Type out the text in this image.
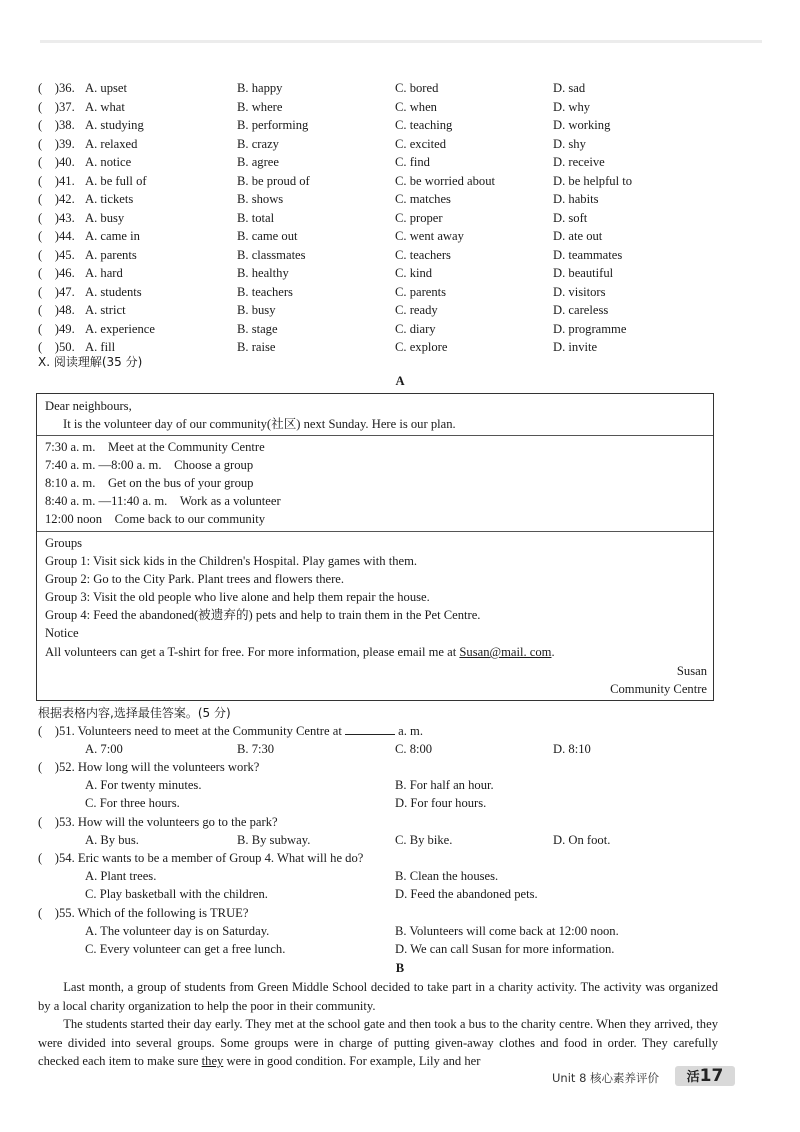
(　)36. A. upset	B. happy	C. bored	D. sad
(　)37. A. what	B. where	C. when	D. why
(　)38. A. studying	B. performing	C. teaching	D. working
(　)39. A. relaxed	B. crazy	C. excited	D. shy
(　)40. A. notice	B. agree	C. find	D. receive
(　)41. A. be full of	B. be proud of	C. be worried about	D. be helpful to
(　)42. A. tickets	B. shows	C. matches	D. habits
(　)43. A. busy	B. total	C. proper	D. soft
(　)44. A. came in	B. came out	C. went away	D. ate out
(　)45. A. parents	B. classmates	C. teachers	D. teammates
(　)46. A. hard	B. healthy	C. kind	D. beautiful
(　)47. A. students	B. teachers	C. parents	D. visitors
(　)48. A. strict	B. busy	C. ready	D. careless
(　)49. A. experience	B. stage	C. diary	D. programme
(　)50. A. fill	B. raise	C. explore	D. invite
Ⅹ. 阅读理解(35 分)
A
Dear neighbours,
It is the volunteer day of our community(社区) next Sunday. Here is our plan.
7:30 a. m. Meet at the Community Centre
7:40 a. m. —8:00 a. m. Choose a group
8:10 a. m. Get on the bus of your group
8:40 a. m. —11:40 a. m. Work as a volunteer
12:00 noon Come back to our community
Groups
Group 1: Visit sick kids in the Children's Hospital. Play games with them.
Group 2: Go to the City Park. Plant trees and flowers there.
Group 3: Visit the old people who live alone and help them repair the house.
Group 4: Feed the abandoned(被遗弃的) pets and help to train them in the Pet Centre.
Notice
All volunteers can get a T-shirt for free. For more information, please email me at Susan@mail. com.
Susan
Community Centre
根据表格内容,选择最佳答案。(5 分)
(　)51. Volunteers need to meet at the Community Centre at	a. m.
A. 7:00	B. 7:30	C. 8:00	D. 8:10
(　)52. How long will the volunteers work?
A. For twenty minutes.	B. For half an hour.
C. For three hours.	D. For four hours.
(　)53. How will the volunteers go to the park?
A. By bus.	B. By subway.	C. By bike.	D. On foot.
(　)54. Eric wants to be a member of Group 4. What will he do?
A. Plant trees.	B. Clean the houses.
C. Play basketball with the children.	D. Feed the abandoned pets.
(　)55. Which of the following is TRUE?
A. The volunteer day is on Saturday.	B. Volunteers will come back at 12:00 noon.
C. Every volunteer can get a free lunch.	D. We can call Susan for more information.
B

Last month, a group of students from Green Middle School decided to take part in a charity activity. The activity was organized by a local charity organization to help the poor in their community.

The students started their day early. They met at the school gate and then took a bus to the charity centre. When they arrived, they were divided into several groups. Some groups were in charge of putting given-away clothes and food in order. They carefully checked each item to make sure they were in good condition. For example, Lily and her

Unit 8 核心素养评价	活17
